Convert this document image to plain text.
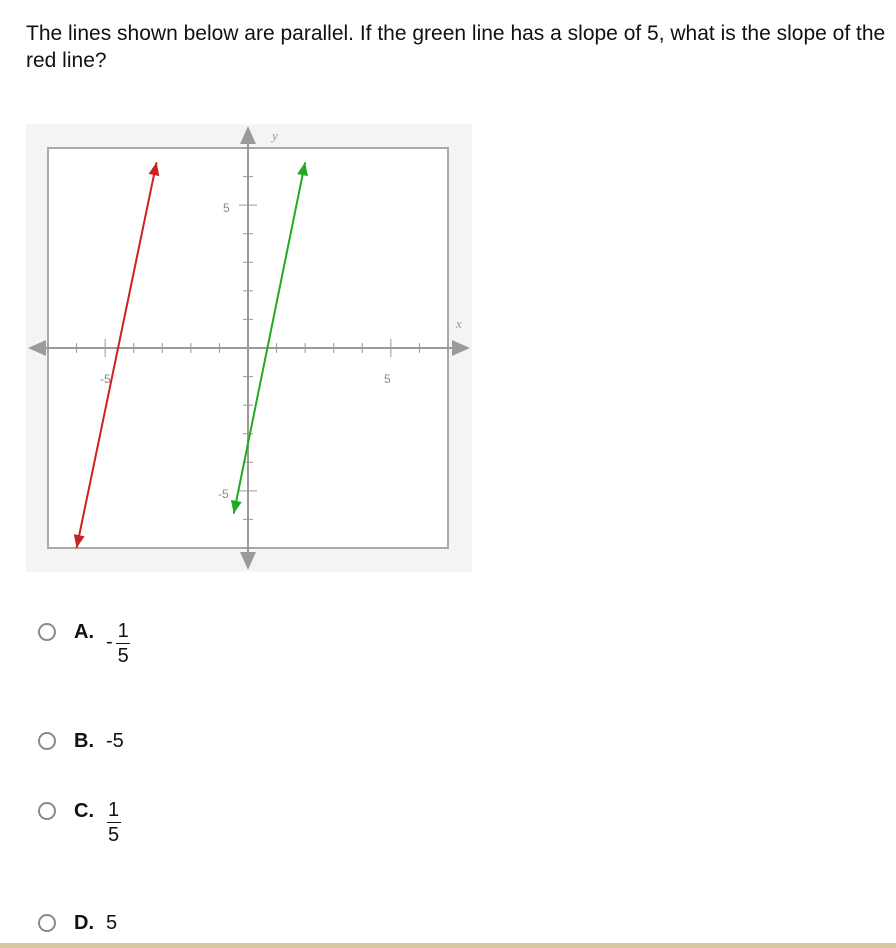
The lines shown below are parallel. If the green line has a slope of 5, what is the slope of the red line?

y
x
-5	5
5
-5
A. - $\frac{1}{5}$
B. -5
C. $\frac{1}{5}$
D. 5
